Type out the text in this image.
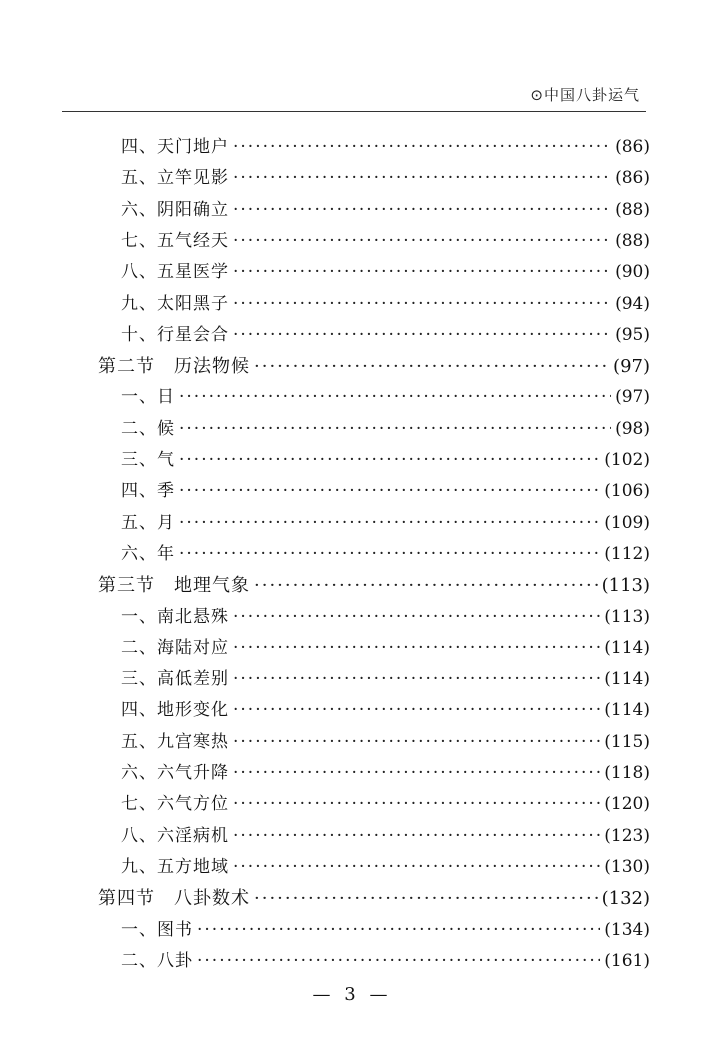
⊙中国八卦运气
四、天门地户 ·····	(86)
五、立竿见影 ·····	(86)
六、阴阳确立 ·····	(88)
七、五气经天 ·····	(88)
八、五星医学 ·····	(90)
九、太阳黑子 ·····	(94)
十、行星会合 ·····	(95)
第二节　历法物候 ·····	(97)
一、日 ·····	(97)
二、候 ·····	(98)
三、气 ·····	(102)
四、季 ·····	(106)
五、月 ·····	(109)
六、年 ·····	(112)
第三节　地理气象 ·····	(113)
一、南北悬殊 ·····	(113)
二、海陆对应 ·····	(114)
三、高低差别 ·····	(114)
四、地形变化 ·····	(114)
五、九宫寒热 ·····	(115)
六、六气升降 ·····	(118)
七、六气方位 ·····	(120)
八、六淫病机 ·····	(123)
九、五方地域 ·····	(130)
第四节　八卦数术 ·····	(132)
一、图书 ·····	(134)
二、八卦 ·····	(161)
— 3 —
